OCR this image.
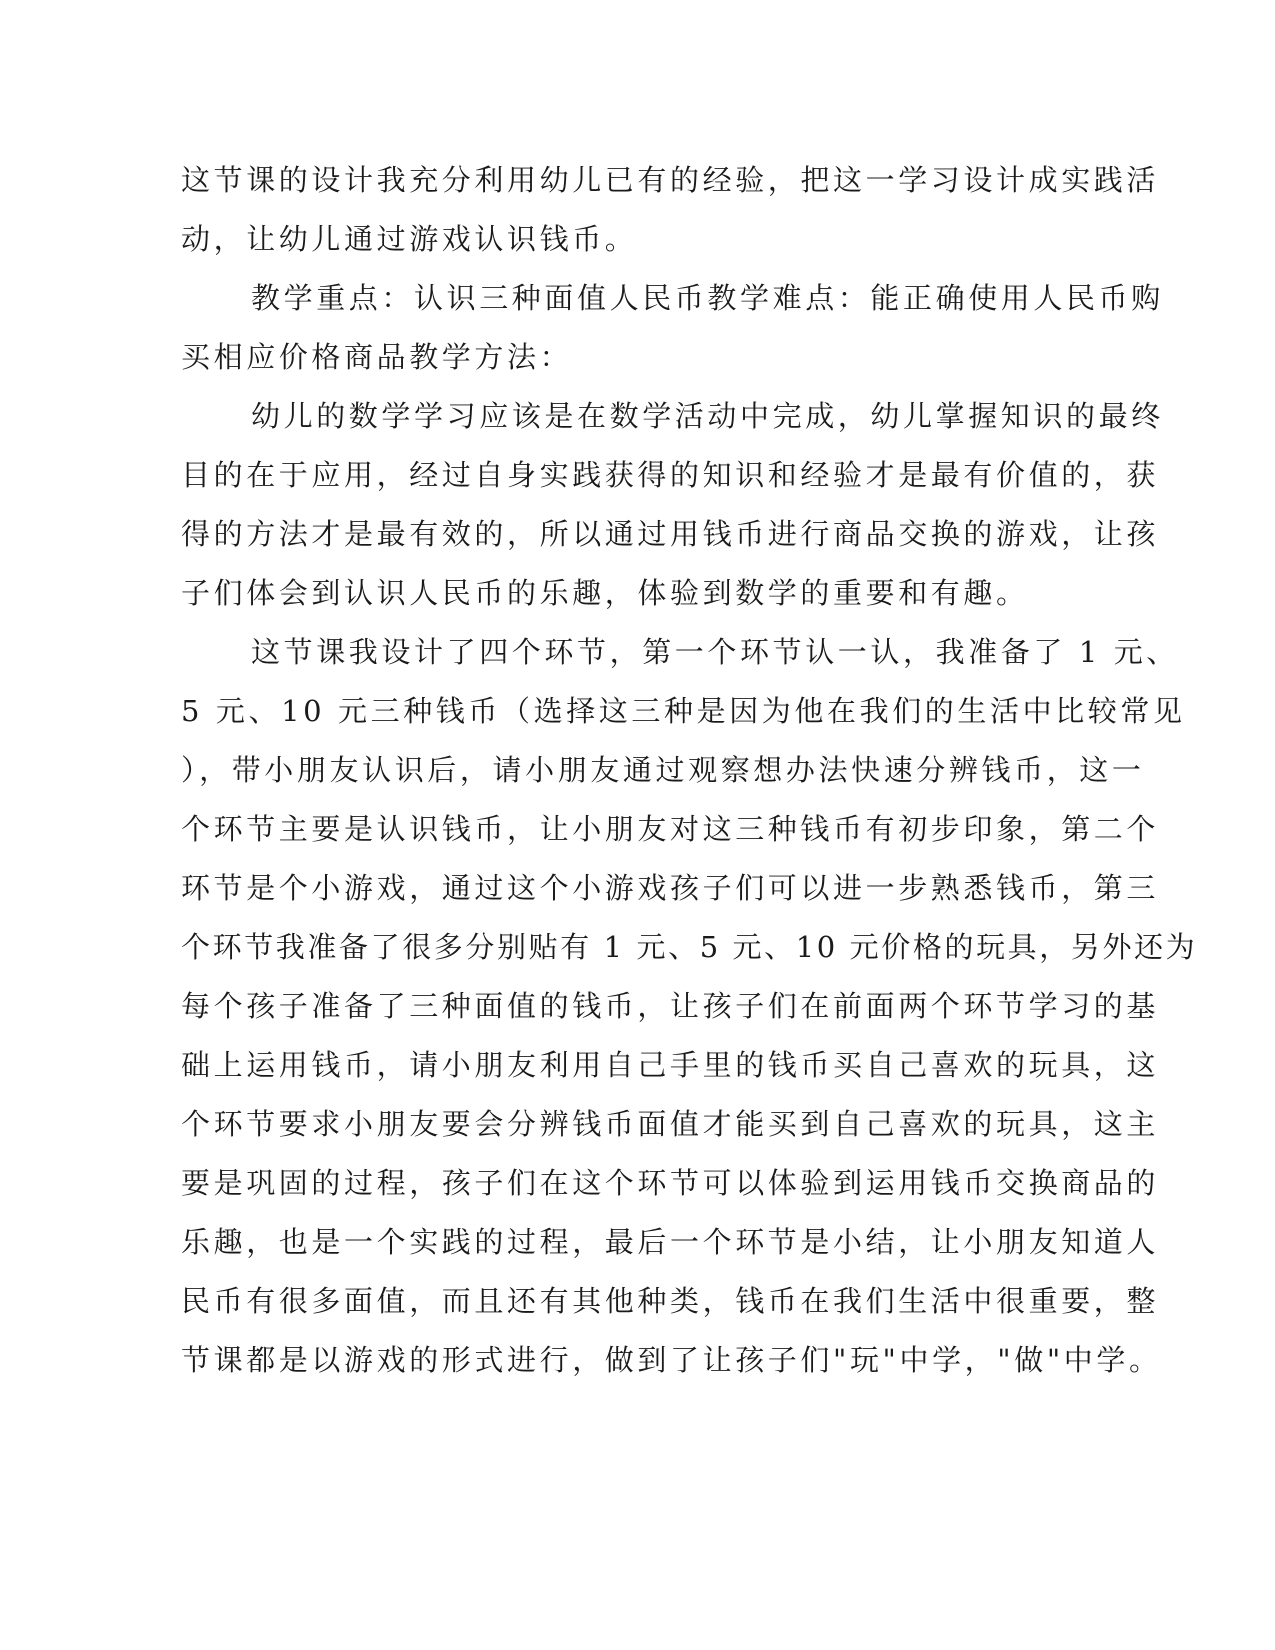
这节课的设计我充分利用幼儿已有的经验，把这一学习设计成实践活
动，让幼儿通过游戏认识钱币。
教学重点：认识三种面值人民币教学难点：能正确使用人民币购
买相应价格商品教学方法：
幼儿的数学学习应该是在数学活动中完成，幼儿掌握知识的最终
目的在于应用，经过自身实践获得的知识和经验才是最有价值的，获
得的方法才是最有效的，所以通过用钱币进行商品交换的游戏，让孩
子们体会到认识人民币的乐趣，体验到数学的重要和有趣。
这节课我设计了四个环节，第一个环节认一认，我准备了 1 元、
5 元、10 元三种钱币（选择这三种是因为他在我们的生活中比较常见
），带小朋友认识后，请小朋友通过观察想办法快速分辨钱币，这一
个环节主要是认识钱币，让小朋友对这三种钱币有初步印象，第二个
环节是个小游戏，通过这个小游戏孩子们可以进一步熟悉钱币，第三
个环节我准备了很多分别贴有 1 元、5 元、10 元价格的玩具，另外还为
每个孩子准备了三种面值的钱币，让孩子们在前面两个环节学习的基
础上运用钱币，请小朋友利用自己手里的钱币买自己喜欢的玩具，这
个环节要求小朋友要会分辨钱币面值才能买到自己喜欢的玩具，这主
要是巩固的过程，孩子们在这个环节可以体验到运用钱币交换商品的
乐趣，也是一个实践的过程，最后一个环节是小结，让小朋友知道人
民币有很多面值，而且还有其他种类，钱币在我们生活中很重要，整
节课都是以游戏的形式进行，做到了让孩子们"玩"中学，"做"中学。
